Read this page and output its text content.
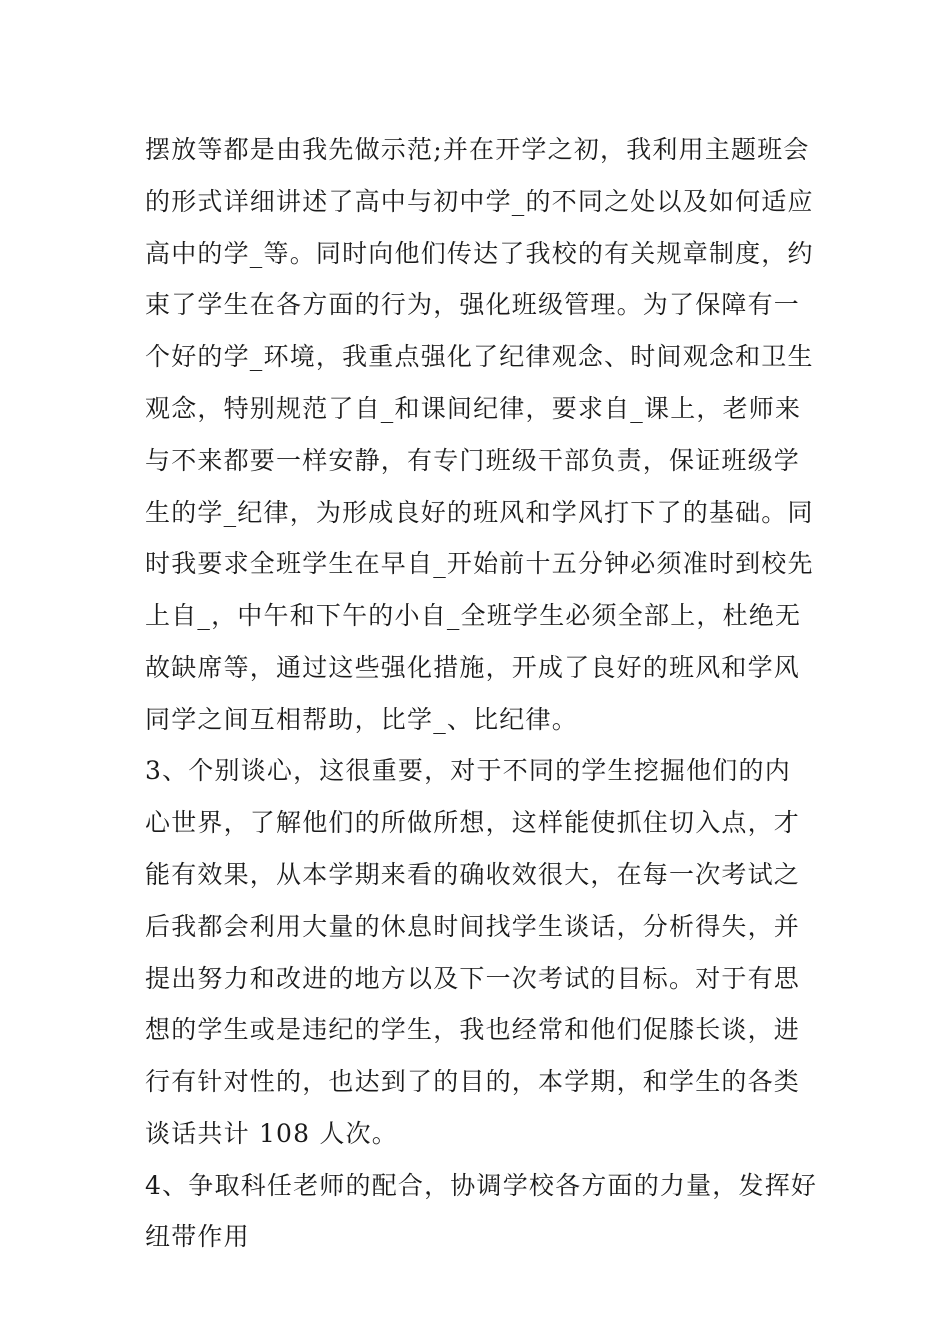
摆放等都是由我先做示范;并在开学之初，我利用主题班会
的形式详细讲述了高中与初中学_的不同之处以及如何适应
高中的学_等。同时向他们传达了我校的有关规章制度，约
束了学生在各方面的行为，强化班级管理。为了保障有一
个好的学_环境，我重点强化了纪律观念、时间观念和卫生
观念，特别规范了自_和课间纪律，要求自_课上，老师来
与不来都要一样安静，有专门班级干部负责，保证班级学
生的学_纪律，为形成良好的班风和学风打下了的基础。同
时我要求全班学生在早自_开始前十五分钟必须准时到校先
上自_，中午和下午的小自_全班学生必须全部上，杜绝无
故缺席等，通过这些强化措施，开成了良好的班风和学风
同学之间互相帮助，比学_、比纪律。
3、个别谈心，这很重要，对于不同的学生挖掘他们的内
心世界，了解他们的所做所想，这样能使抓住切入点，才
能有效果，从本学期来看的确收效很大，在每一次考试之
后我都会利用大量的休息时间找学生谈话，分析得失，并
提出努力和改进的地方以及下一次考试的目标。对于有思
想的学生或是违纪的学生，我也经常和他们促膝长谈，进
行有针对性的，也达到了的目的，本学期，和学生的各类
谈话共计 108 人次。
4、争取科任老师的配合，协调学校各方面的力量，发挥好
纽带作用
